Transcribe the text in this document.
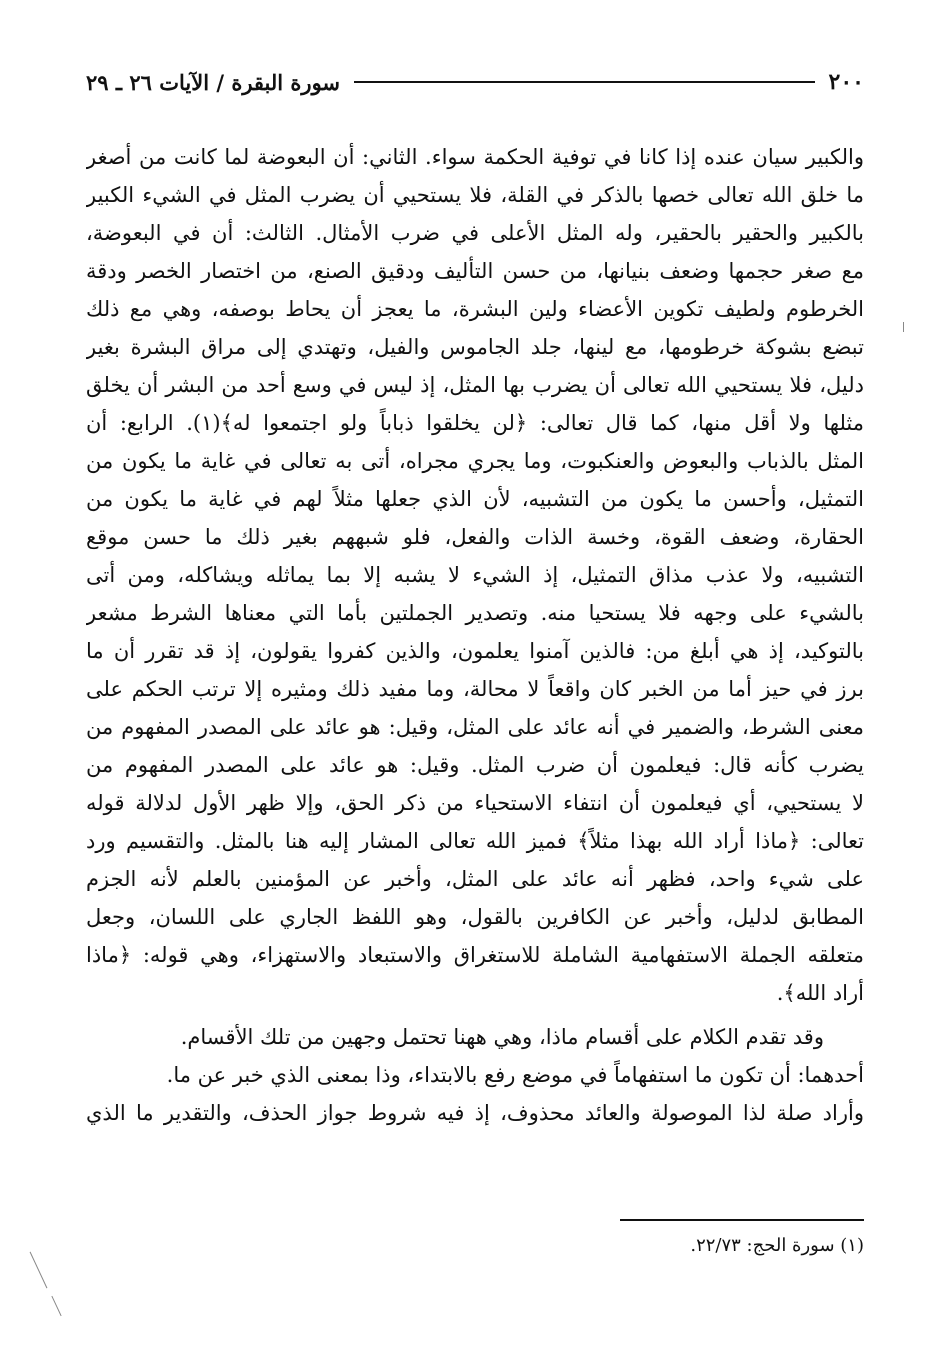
٢٠٠
سورة البقرة / الآيات ٢٦ ـ ٢٩
والكبير سيان عنده إذا كانا في توفية الحكمة سواء. الثاني: أن البعوضة لما كانت من أصغر
ما خلق الله تعالى خصها بالذكر في القلة، فلا يستحيي أن يضرب المثل في الشيء الكبير
بالكبير والحقير بالحقير، وله المثل الأعلى في ضرب الأمثال. الثالث: أن في البعوضة،
مع صغر حجمها وضعف بنيانها، من حسن التأليف ودقيق الصنع، من اختصار الخصر ودقة
الخرطوم ولطيف تكوين الأعضاء ولين البشرة، ما يعجز أن يحاط بوصفه، وهي مع ذلك
تبضع بشوكة خرطومها، مع لينها، جلد الجاموس والفيل، وتهتدي إلى مراق البشرة بغير
دليل، فلا يستحيي الله تعالى أن يضرب بها المثل، إذ ليس في وسع أحد من البشر أن يخلق
مثلها ولا أقل منها، كما قال تعالى: ﴿لن يخلقوا ذباباً ولو اجتمعوا له﴾(١). الرابع: أن
المثل بالذباب والبعوض والعنكبوت، وما يجري مجراه، أتى به تعالى في غاية ما يكون من
التمثيل، وأحسن ما يكون من التشبيه، لأن الذي جعلها مثلاً لهم في غاية ما يكون من
الحقارة، وضعف القوة، وخسة الذات والفعل، فلو شبههم بغير ذلك ما حسن موقع
التشبيه، ولا عذب مذاق التمثيل، إذ الشيء لا يشبه إلا بما يماثله ويشاكله، ومن أتى
بالشيء على وجهه فلا يستحيا منه. وتصدير الجملتين بأما التي معناها الشرط مشعر
بالتوكيد، إذ هي أبلغ من: فالذين آمنوا يعلمون، والذين كفروا يقولون، إذ قد تقرر أن ما
برز في حيز أما من الخبر كان واقعاً لا محالة، وما مفيد ذلك ومثيره إلا ترتب الحكم على
معنى الشرط، والضمير في أنه عائد على المثل، وقيل: هو عائد على المصدر المفهوم من
يضرب كأنه قال: فيعلمون أن ضرب المثل. وقيل: هو عائد على المصدر المفهوم من
لا يستحيي، أي فيعلمون أن انتفاء الاستحياء من ذكر الحق، وإلا ظهر الأول لدلالة قوله
تعالى: ﴿ماذا أراد الله بهذا مثلاً﴾ فميز الله تعالى المشار إليه هنا بالمثل. والتقسيم ورد
على شيء واحد، فظهر أنه عائد على المثل، وأخبر عن المؤمنين بالعلم لأنه الجزم
المطابق لدليل، وأخبر عن الكافرين بالقول، وهو اللفظ الجاري على اللسان، وجعل
متعلقه الجملة الاستفهامية الشاملة للاستغراق والاستبعاد والاستهزاء، وهي قوله: ﴿ماذا
أراد الله﴾.
وقد تقدم الكلام على أقسام ماذا، وهي ههنا تحتمل وجهين من تلك الأقسام.
أحدهما: أن تكون ما استفهاماً في موضع رفع بالابتداء، وذا بمعنى الذي خبر عن ما.
وأراد صلة لذا الموصولة والعائد محذوف، إذ فيه شروط جواز الحذف، والتقدير ما الذي
(١) سورة الحج: ٢٢/٧٣.
